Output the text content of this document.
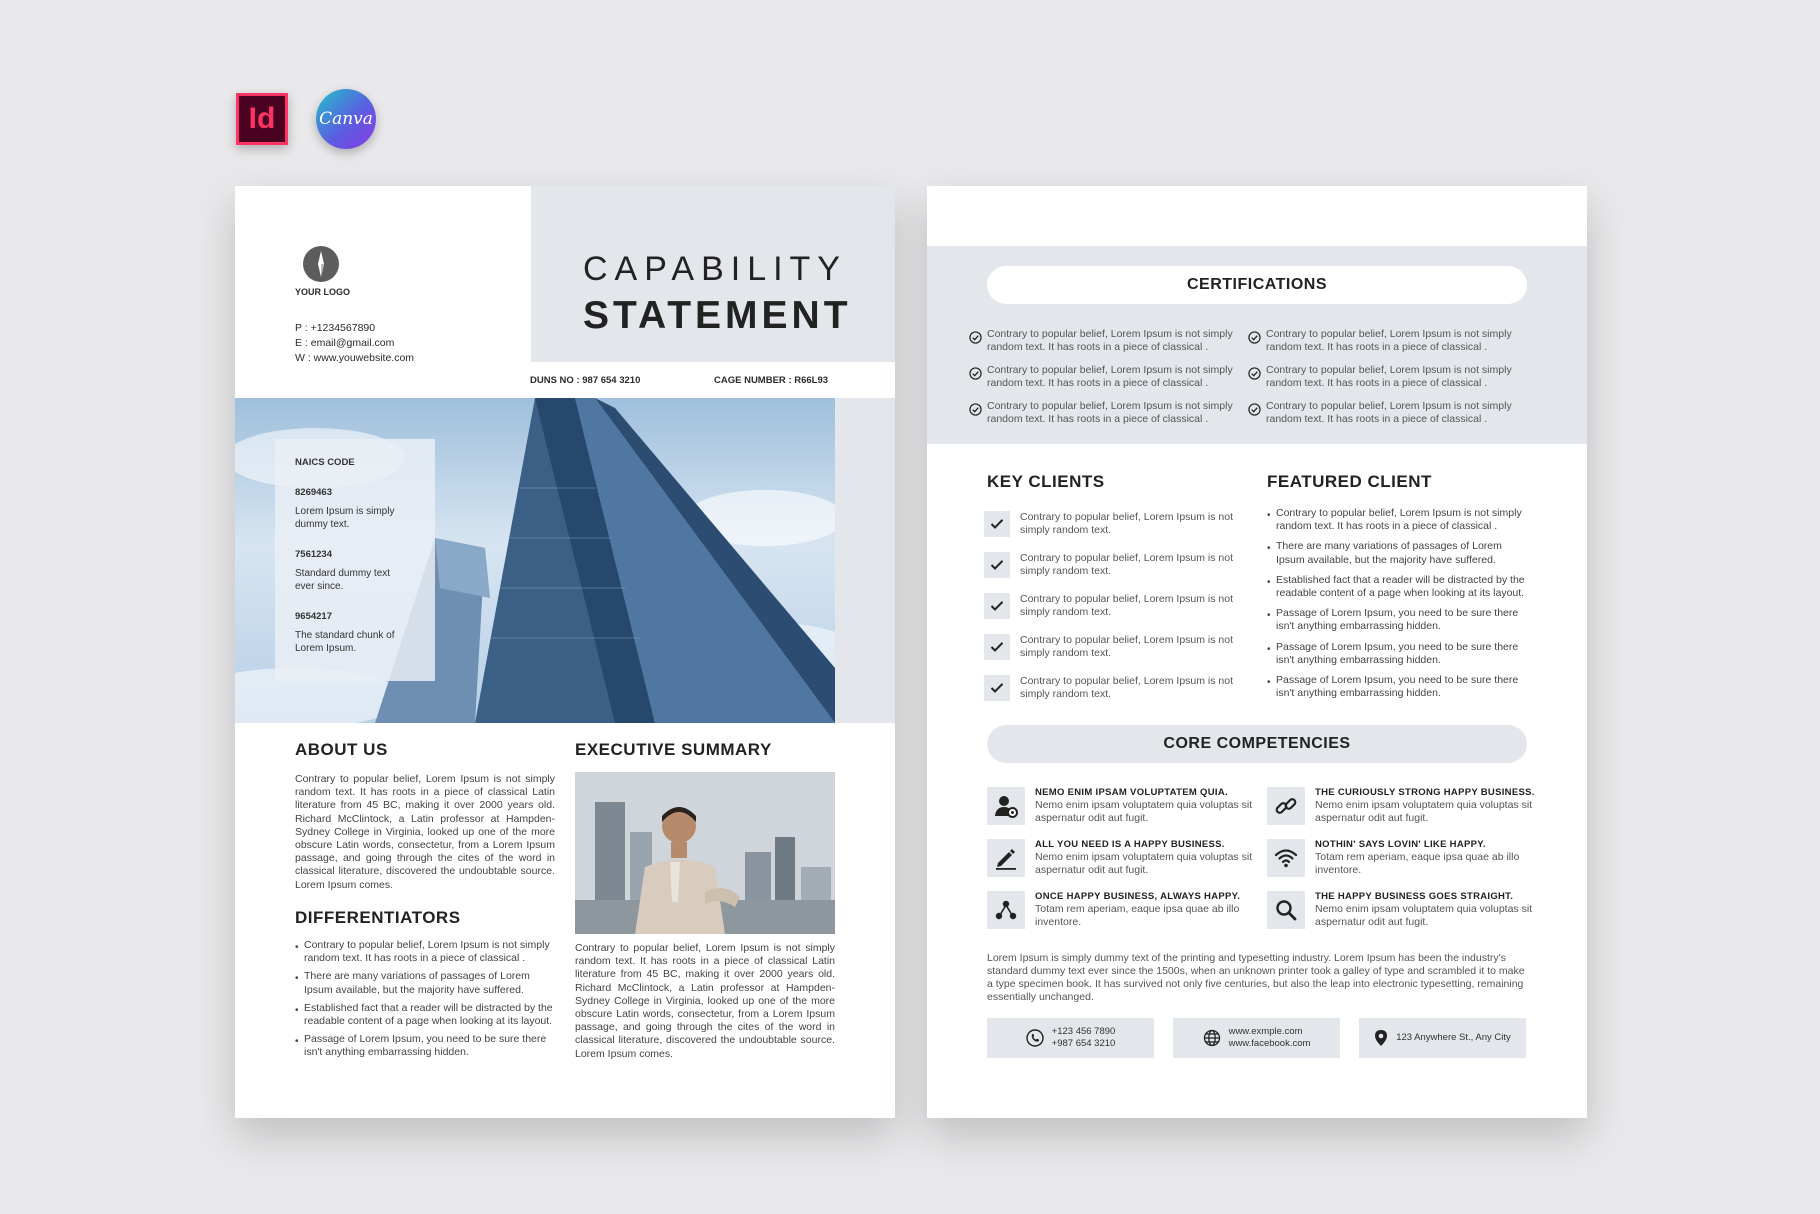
Id	Canva
YOUR LOGO
P : +1234567890
E : email@gmail.com
W : www.youwebsite.com
CAPABILITY
STATEMENT
DUNS NO : 987 654 3210	CAGE NUMBER : R66L93
NAICS CODE
8269463
Lorem Ipsum is simply dummy text.
7561234
Standard dummy text ever since.
9654217
The standard chunk of Lorem Ipsum.
ABOUT US
Contrary to popular belief, Lorem Ipsum is not simply random text. It has roots in a piece of classical Latin literature from 45 BC, making it over 2000 years old. Richard McClintock, a Latin professor at Hampden-Sydney College in Virginia, looked up one of the more obscure Latin words, consectetur, from a Lorem Ipsum passage, and going through the cites of the word in classical literature, discovered the undoubtable source. Lorem Ipsum comes.
DIFFERENTIATORS
• Contrary to popular belief, Lorem Ipsum is not simply random text. It has roots in a piece of classical .
• There are many variations of passages of Lorem Ipsum available, but the majority have suffered.
• Established fact that a reader will be distracted by the readable content of a page when looking at its layout.
• Passage of Lorem Ipsum, you need to be sure there isn't anything embarrassing hidden.
EXECUTIVE SUMMARY
Contrary to popular belief, Lorem Ipsum is not simply random text. It has roots in a piece of classical Latin literature from 45 BC, making it over 2000 years old. Richard McClintock, a Latin professor at Hampden-Sydney College in Virginia, looked up one of the more obscure Latin words, consectetur, from a Lorem Ipsum passage, and going through the cites of the word in classical literature, discovered the undoubtable source. Lorem Ipsum comes.
CERTIFICATIONS
Contrary to popular belief, Lorem Ipsum is not simply random text. It has roots in a piece of classical .
Contrary to popular belief, Lorem Ipsum is not simply random text. It has roots in a piece of classical .
Contrary to popular belief, Lorem Ipsum is not simply random text. It has roots in a piece of classical .
Contrary to popular belief, Lorem Ipsum is not simply random text. It has roots in a piece of classical .
Contrary to popular belief, Lorem Ipsum is not simply random text. It has roots in a piece of classical .
Contrary to popular belief, Lorem Ipsum is not simply random text. It has roots in a piece of classical .
KEY CLIENTS
Contrary to popular belief, Lorem Ipsum is not simply random text.
Contrary to popular belief, Lorem Ipsum is not simply random text.
Contrary to popular belief, Lorem Ipsum is not simply random text.
Contrary to popular belief, Lorem Ipsum is not simply random text.
Contrary to popular belief, Lorem Ipsum is not simply random text.
FEATURED CLIENT
• Contrary to popular belief, Lorem Ipsum is not simply random text. It has roots in a piece of classical .
• There are many variations of passages of Lorem Ipsum available, but the majority have suffered.
• Established fact that a reader will be distracted by the readable content of a page when looking at its layout.
• Passage of Lorem Ipsum, you need to be sure there isn't anything embarrassing hidden.
• Passage of Lorem Ipsum, you need to be sure there isn't anything embarrassing hidden.
• Passage of Lorem Ipsum, you need to be sure there isn't anything embarrassing hidden.
CORE COMPETENCIES
NEMO ENIM IPSAM VOLUPTATEM QUIA.
Nemo enim ipsam voluptatem quia voluptas sit aspernatur odit aut fugit.
THE CURIOUSLY STRONG HAPPY BUSINESS.
Nemo enim ipsam voluptatem quia voluptas sit aspernatur odit aut fugit.
ALL YOU NEED IS A HAPPY BUSINESS.
Nemo enim ipsam voluptatem quia voluptas sit aspernatur odit aut fugit.
NOTHIN' SAYS LOVIN' LIKE HAPPY.
Totam rem aperiam, eaque ipsa quae ab illo inventore.
ONCE HAPPY BUSINESS, ALWAYS HAPPY.
Totam rem aperiam, eaque ipsa quae ab illo inventore.
THE HAPPY BUSINESS GOES STRAIGHT.
Nemo enim ipsam voluptatem quia voluptas sit aspernatur odit aut fugit.
Lorem Ipsum is simply dummy text of the printing and typesetting industry. Lorem Ipsum has been the industry's standard dummy text ever since the 1500s, when an unknown printer took a galley of type and scrambled it to make a type specimen book. It has survived not only five centuries, but also the leap into electronic typesetting, remaining essentially unchanged.
+123 456 7890
+987 654 3210
www.exmple.com
www.facebook.com
123 Anywhere St., Any City
